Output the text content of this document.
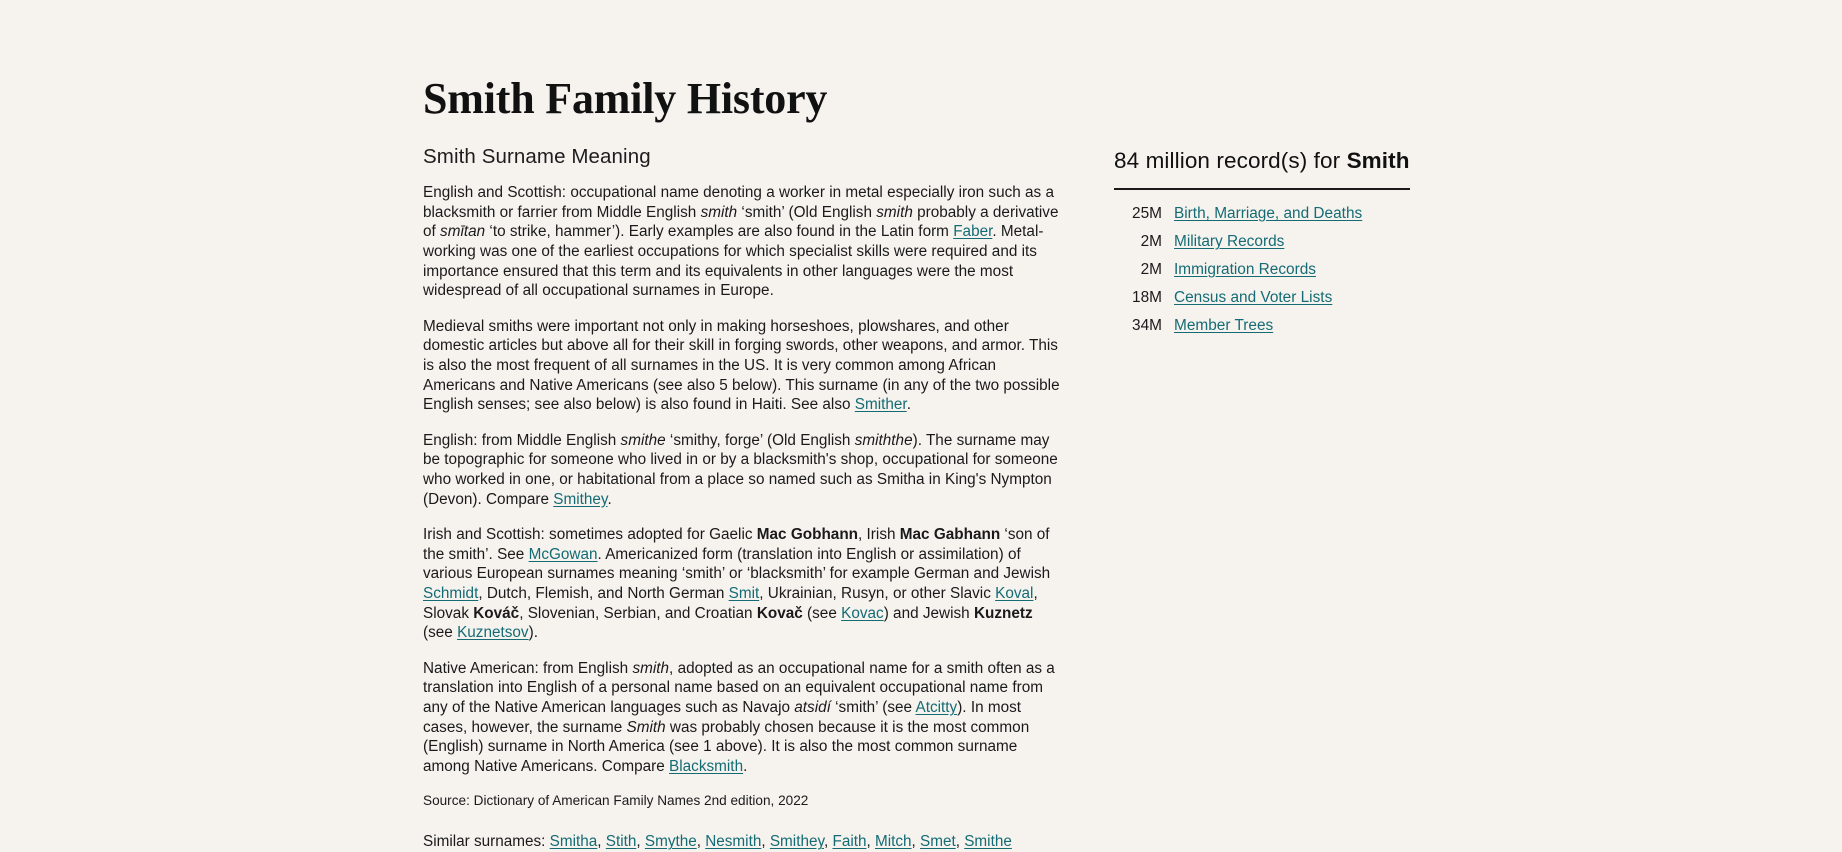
Smith Family History
Smith Surname Meaning

English and Scottish: occupational name denoting a worker in metal especially iron such as a blacksmith or farrier from Middle English smith ‘smith’ (Old English smith probably a derivative of smītan ‘to strike, hammer’). Early examples are also found in the Latin form Faber. Metal-working was one of the earliest occupations for which specialist skills were required and its importance ensured that this term and its equivalents in other languages were the most widespread of all occupational surnames in Europe.

Medieval smiths were important not only in making horseshoes, plowshares, and other domestic articles but above all for their skill in forging swords, other weapons, and armor. This is also the most frequent of all surnames in the US. It is very common among African Americans and Native Americans (see also 5 below). This surname (in any of the two possible English senses; see also below) is also found in Haiti. See also Smither.

English: from Middle English smithe ‘smithy, forge’ (Old English smiththe). The surname may be topographic for someone who lived in or by a blacksmith's shop, occupational for someone who worked in one, or habitational from a place so named such as Smitha in King's Nympton (Devon). Compare Smithey.

Irish and Scottish: sometimes adopted for Gaelic Mac Gobhann, Irish Mac Gabhann ‘son of the smith’. See McGowan. Americanized form (translation into English or assimilation) of various European surnames meaning ‘smith’ or ‘blacksmith’ for example German and Jewish Schmidt, Dutch, Flemish, and North German Smit, Ukrainian, Rusyn, or other Slavic Koval, Slovak Kováč, Slovenian, Serbian, and Croatian Kovač (see Kovac) and Jewish Kuznetz (see Kuznetsov).

Native American: from English smith, adopted as an occupational name for a smith often as a translation into English of a personal name based on an equivalent occupational name from any of the Native American languages such as Navajo atsidí ‘smith’ (see Atcitty). In most cases, however, the surname Smith was probably chosen because it is the most common (English) surname in North America (see 1 above). It is also the most common surname among Native Americans. Compare Blacksmith.

Source: Dictionary of American Family Names 2nd edition, 2022

Similar surnames: Smitha, Stith, Smythe, Nesmith, Smithey, Faith, Mitch, Smet, Smithe

84 million record(s) for Smith
25M Birth, Marriage, and Deaths
2M Military Records
2M Immigration Records
18M Census and Voter Lists
34M Member Trees
